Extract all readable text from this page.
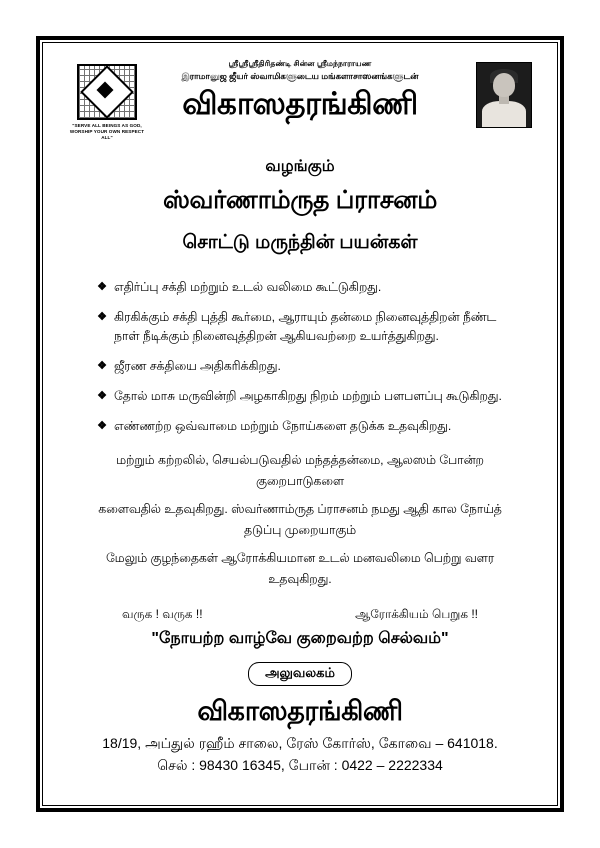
"SERVE ALL BEINGS AS GOD, WORSHIP YOUR OWN RESPECT ALL"
ஸ்ரீஸ்ரீஸ்ரீதிரிதண்டி சின்ன ஸ்ரீமந்நாராயண
இராமானுஜ ஜீயர் ஸ்வாமிகளுடைய மங்களாசாஸனங்களுடன்
விகாஸதரங்கிணி
வழங்கும்
ஸ்வர்ணாம்ருத ப்ராசனம்
சொட்டு மருந்தின் பயன்கள்
❖ எதிர்ப்பு சக்தி மற்றும் உடல் வலிமை கூட்டுகிறது.
❖ கிரகிக்கும் சக்தி புத்தி கூர்மை, ஆராயும் தன்மை நினைவுத்திறன் நீண்ட நாள் நீடிக்கும் நினைவுத்திறன் ஆகியவற்றை உயர்த்துகிறது.
❖ ஜீரண சக்தியை அதிகரிக்கிறது.
❖ தோல் மாசு மருவின்றி அழகாகிறது நிறம் மற்றும் பளபளப்பு கூடுகிறது.
❖ எண்ணற்ற ஒவ்வாமை மற்றும் நோய்களை தடுக்க உதவுகிறது.

மற்றும் கற்றலில், செயல்படுவதில் மந்தத்தன்மை, ஆலஸம் போன்ற குறைபாடுகளை

களைவதில் உதவுகிறது. ஸ்வர்ணாம்ருத ப்ராசனம் நமது ஆதி கால நோய்த் தடுப்பு முறையாகும்

மேலும் குழந்தைகள் ஆரோக்கியமான உடல் மனவலிமை பெற்று வளர உதவுகிறது.

வருக ! வருக !!	ஆரோக்கியம் பெறுக !!
"நோயற்ற வாழ்வே குறைவற்ற செல்வம்"
அலுவலகம்
விகாஸதரங்கிணி
18/19, அப்துல் ரஹீம் சாலை, ரேஸ் கோர்ஸ், கோவை – 641018.
செல் : 98430 16345, போன் : 0422 – 2222334
